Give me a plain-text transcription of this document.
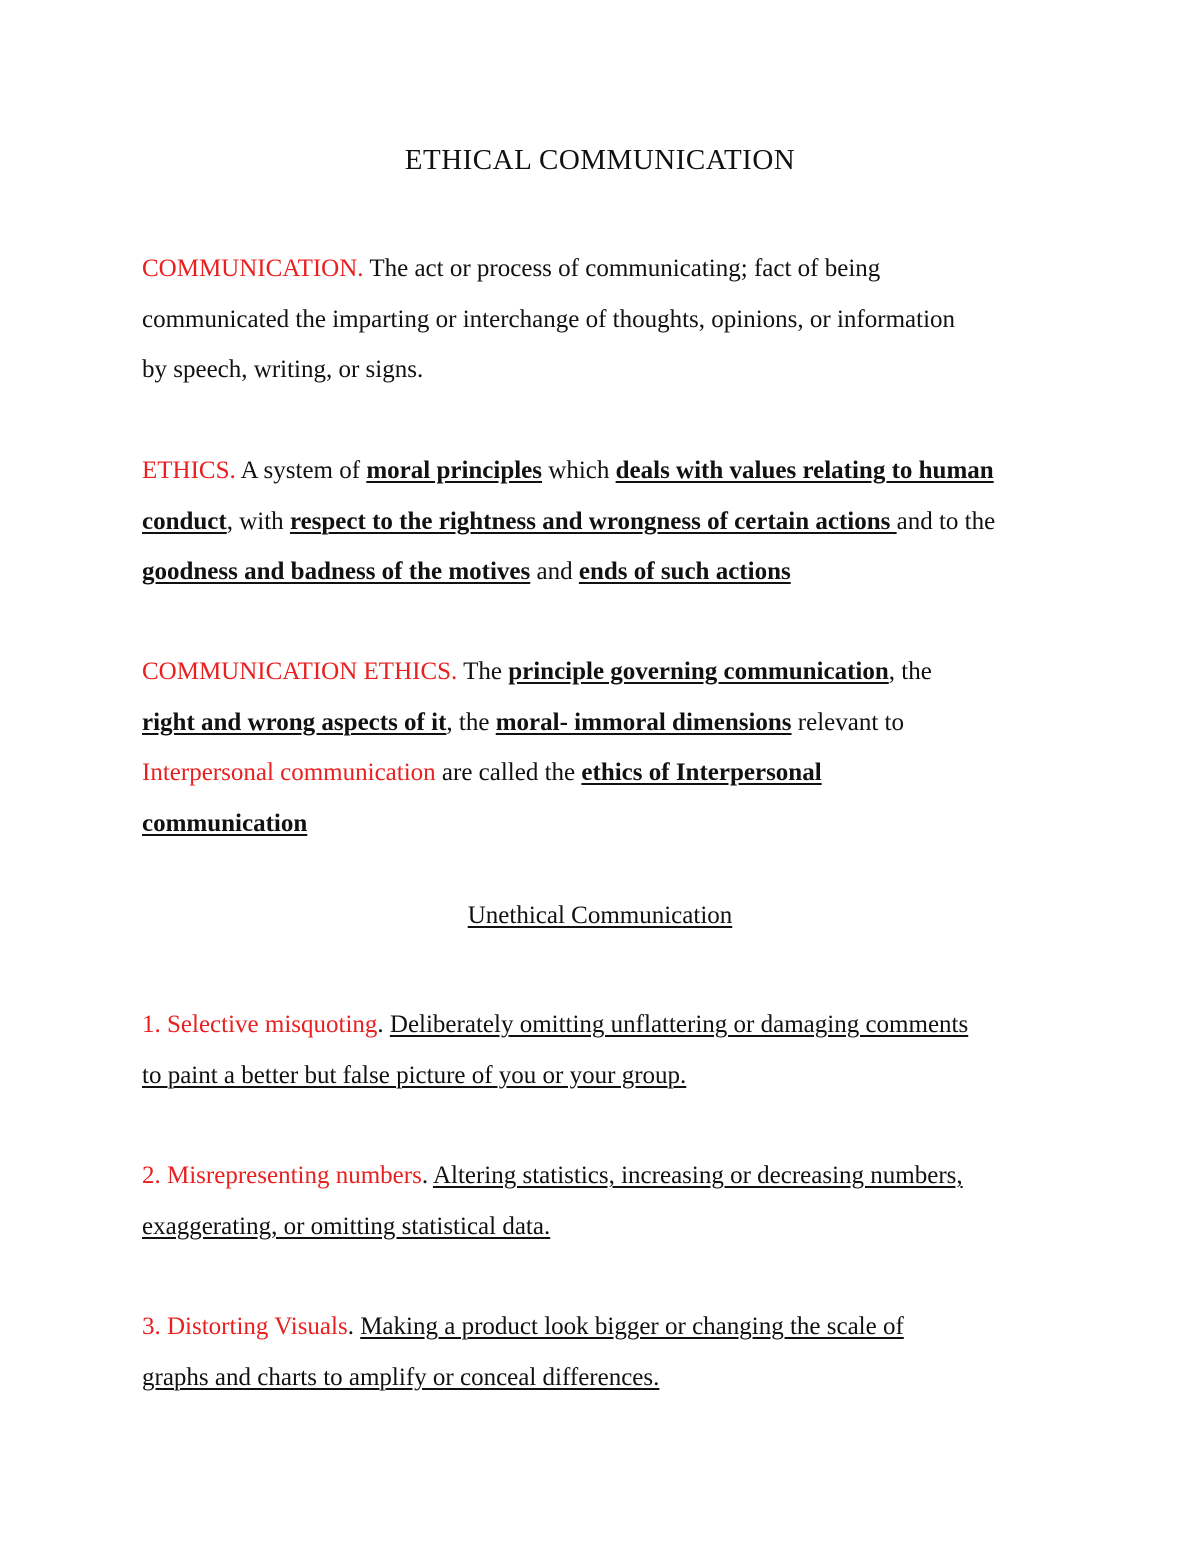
ETHICAL COMMUNICATION
COMMUNICATION. The act or process of communicating; fact of being
communicated the imparting or interchange of thoughts, opinions, or information
by speech, writing, or signs.
ETHICS. A system of moral principles which deals with values relating to human
conduct, with respect to the rightness and wrongness of certain actions and to the
goodness and badness of the motives and ends of such actions
COMMUNICATION ETHICS. The principle governing communication, the
right and wrong aspects of it, the moral- immoral dimensions relevant to
Interpersonal communication are called the ethics of Interpersonal
communication
Unethical Communication
1. Selective misquoting. Deliberately omitting unflattering or damaging comments
to paint a better but false picture of you or your group.
2. Misrepresenting numbers. Altering statistics, increasing or decreasing numbers,
exaggerating, or omitting statistical data.
3. Distorting Visuals. Making a product look bigger or changing the scale of
graphs and charts to amplify or conceal differences.
